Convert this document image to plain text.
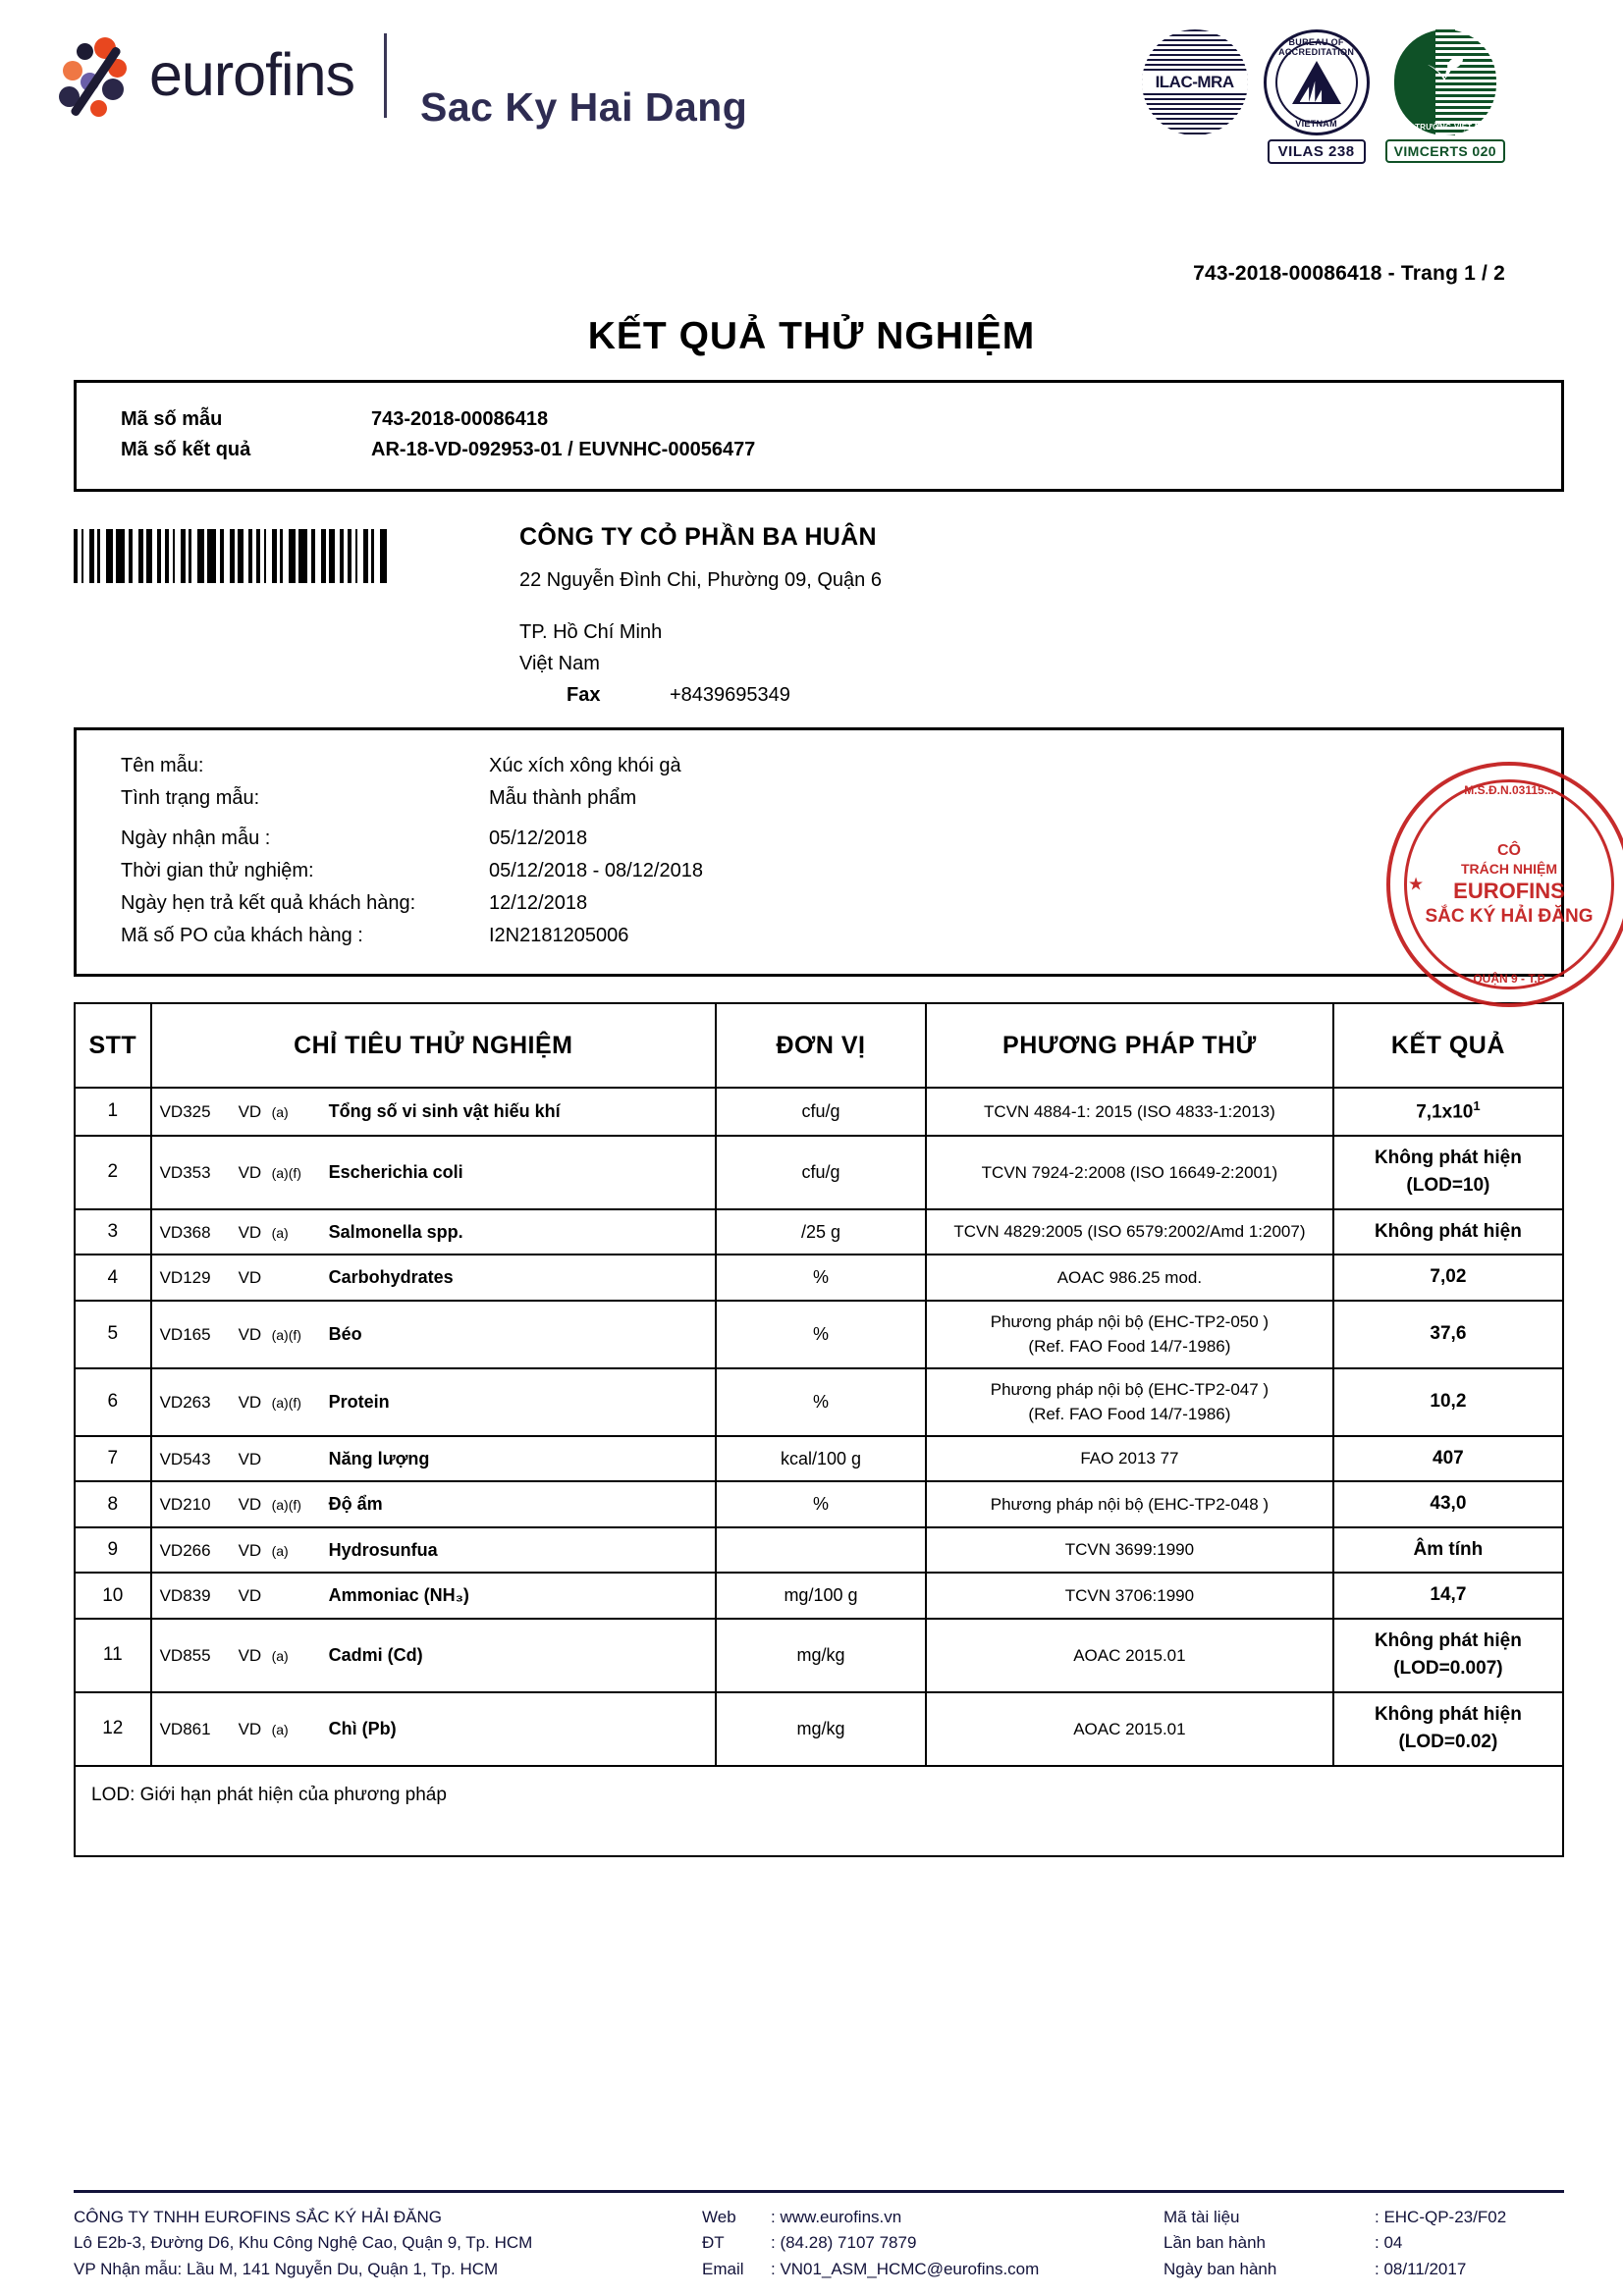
eurofins Sac Ky Hai Dang
ILAC-MRA
BUREAU OF ACCREDITATION
VIETNAM
VILAS 238
MÔI TRƯỜNG VIỆT NAM
VIMCERTS 020
743-2018-00086418 - Trang 1 / 2
KẾT QUẢ THỬ NGHIỆM
Mã số mẫu	743-2018-00086418
Mã số kết quả	AR-18-VD-092953-01 / EUVNHC-00056477
CÔNG TY CỎ PHẦN BA HUÂN
22 Nguyễn Đình Chi, Phường 09, Quận 6
TP. Hồ Chí Minh
Việt Nam
Fax	+8439695349
Tên mẫu:	Xúc xích xông khói gà
Tình trạng mẫu:	Mẫu thành phẩm
Ngày nhận mẫu :	05/12/2018
Thời gian thử nghiệm:	05/12/2018 - 08/12/2018
Ngày hẹn trả kết quả khách hàng:	12/12/2018
Mã số PO của khách hàng :	I2N2181205006
M.S.Đ.N.03115...
★
CÔ
TRÁCH NHIỆM
EUROFINS
SẮC KÝ HẢI ĐĂNG
QUẬN 9 - T.P
STT	CHỈ TIÊU THỬ NGHIỆM	ĐƠN VỊ	PHƯƠNG PHÁP THỬ	KẾT QUẢ
1	VD325 VD (a) Tổng số vi sinh vật hiếu khí	cfu/g	TCVN 4884-1: 2015 (ISO 4833-1:2013)	$7,1x10^1$
2	VD353 VD (a)(f) Escherichia coli	cfu/g	TCVN 7924-2:2008 (ISO 16649-2:2001)	Không phát hiện
(LOD=10)
3	VD368 VD (a) Salmonella spp.	/25 g	TCVN 4829:2005 (ISO 6579:2002/Amd 1:2007)	Không phát hiện
4	VD129 VD Carbohydrates	%	AOAC 986.25 mod.	7,02
5	VD165 VD (a)(f) Béo	%	Phương pháp nội bộ (EHC-TP2-050 )
(Ref. FAO Food 14/7-1986)	37,6
6	VD263 VD (a)(f) Protein	%	Phương pháp nội bộ (EHC-TP2-047 )
(Ref. FAO Food 14/7-1986)	10,2
7	VD543 VD Năng lượng	kcal/100 g	FAO 2013 77	407
8	VD210 VD (a)(f) Độ ẩm	%	Phương pháp nội bộ (EHC-TP2-048 )	43,0
9	VD266 VD (a) Hydrosunfua		TCVN 3699:1990	Âm tính
10	VD839 VD Ammoniac (NH₃)	mg/100 g	TCVN 3706:1990	14,7
11	VD855 VD (a) Cadmi (Cd)	mg/kg	AOAC 2015.01	Không phát hiện
(LOD=0.007)
12	VD861 VD (a) Chì (Pb)	mg/kg	AOAC 2015.01	Không phát hiện
(LOD=0.02)
LOD: Giới hạn phát hiện của phương pháp
CÔNG TY TNHH EUROFINS SẮC KÝ HẢI ĐĂNG
Lô E2b-3, Đường D6, Khu Công Nghệ Cao, Quận 9, Tp. HCM
VP Nhận mẫu: Lầu M, 141 Nguyễn Du, Quận 1, Tp. HCM
Web
ĐT
Email
: www.eurofins.vn
: (84.28) 7107 7879
: VN01_ASM_HCMC@eurofins.com
Mã tài liệu
Lần ban hành
Ngày ban hành
: EHC-QP-23/F02
: 04
: 08/11/2017
